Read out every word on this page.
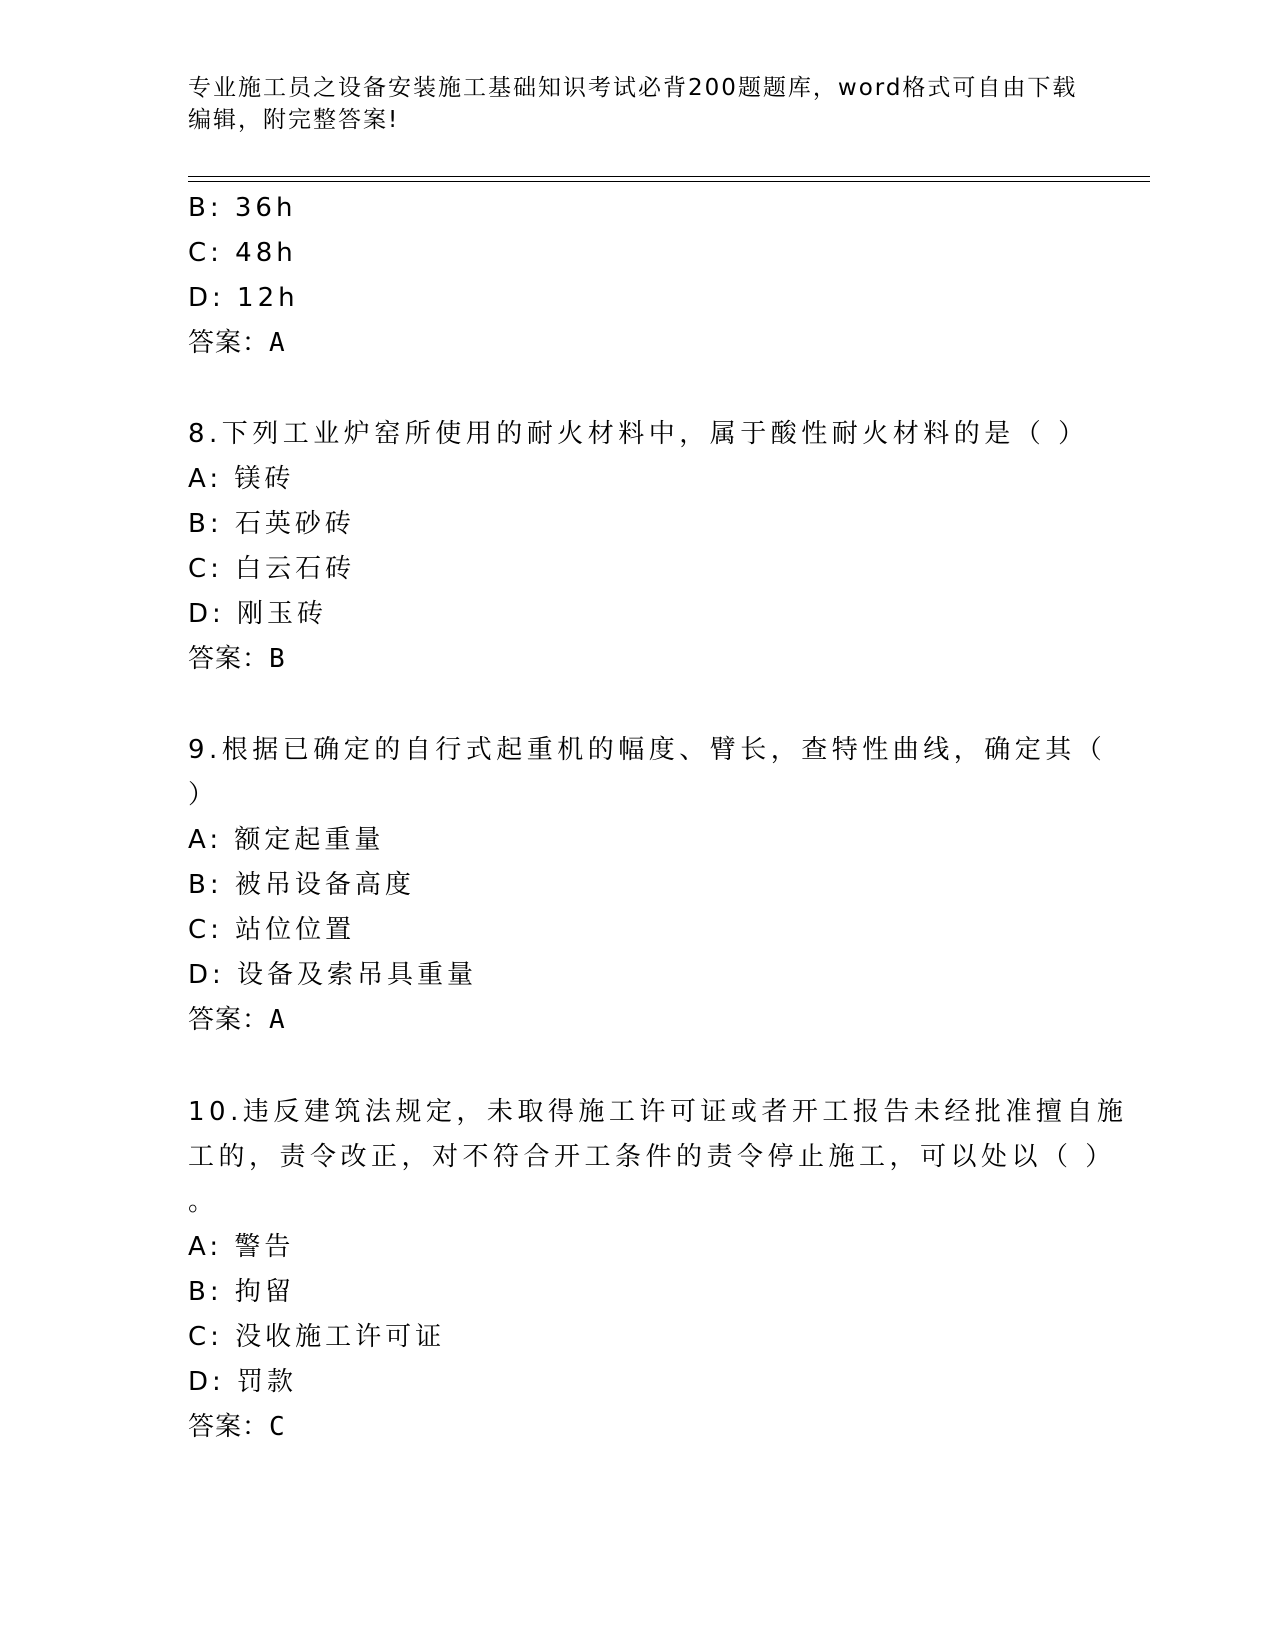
专业施工员之设备安装施工基础知识考试必背200题题库，word格式可自由下载
编辑，附完整答案!
B: 36h
C: 48h
D: 12h
答案：A
8.下列工业炉窑所使用的耐火材料中，属于酸性耐火材料的是（ ）
A: 镁砖
B: 石英砂砖
C: 白云石砖
D: 刚玉砖
答案：B
9.根据已确定的自行式起重机的幅度、臂长，查特性曲线，确定其（
）
A: 额定起重量
B: 被吊设备高度
C: 站位位置
D: 设备及索吊具重量
答案：A
10.违反建筑法规定，未取得施工许可证或者开工报告未经批准擅自施
工的，责令改正，对不符合开工条件的责令停止施工，可以处以（ ）
。
A: 警告
B: 拘留
C: 没收施工许可证
D: 罚款
答案：C
